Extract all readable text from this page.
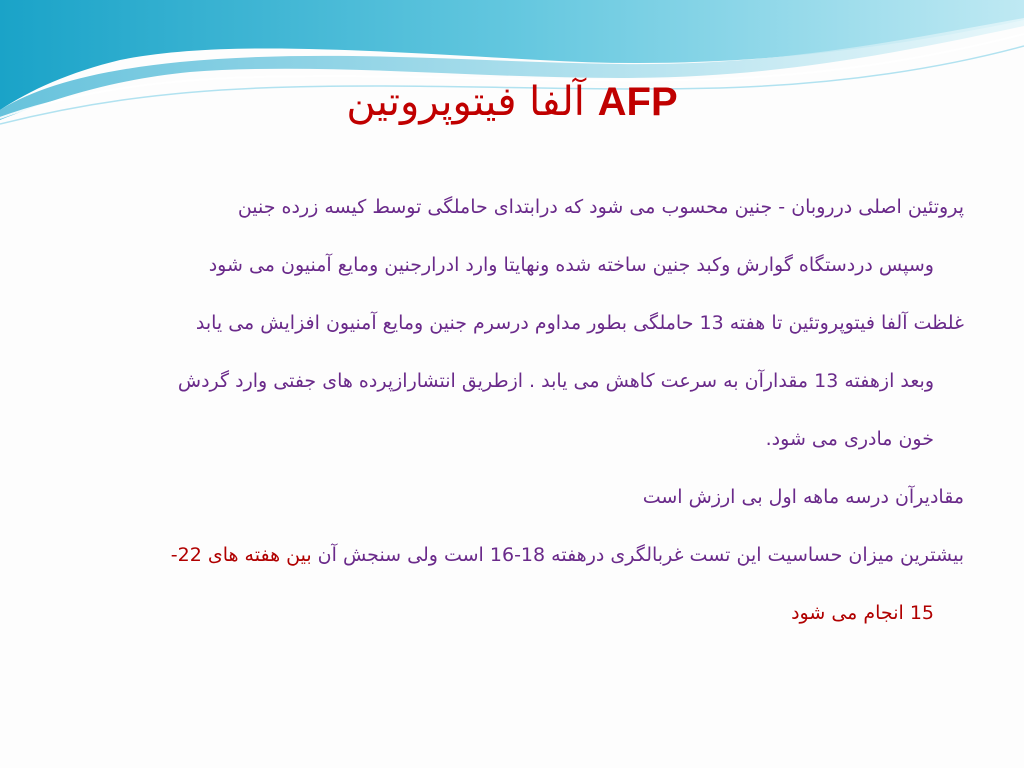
AFP آلفا فیتوپروتین

پروتئین اصلی درروبان - جنین محسوب می شود که درابتدای حاملگی توسط کیسه زرده جنین
وسپس دردستگاه گوارش وکبد جنین ساخته شده ونهایتا وارد ادرارجنین ومایع آمنیون می شود

غلظت آلفا فیتوپروتئین تا هفته 13 حاملگی بطور مداوم درسرم جنین ومایع آمنیون افزایش می یابد
وبعد ازهفته 13 مقدارآن به سرعت کاهش می یابد . ازطریق انتشارازپرده های جفتی وارد گردش
خون مادری می شود.

مقادیرآن درسه ماهه اول بی ارزش است

بیشترین میزان حساسیت این تست غربالگری درهفته 18-16 است ولی سنجش آن بین هفته های 22-
15 انجام می شود
